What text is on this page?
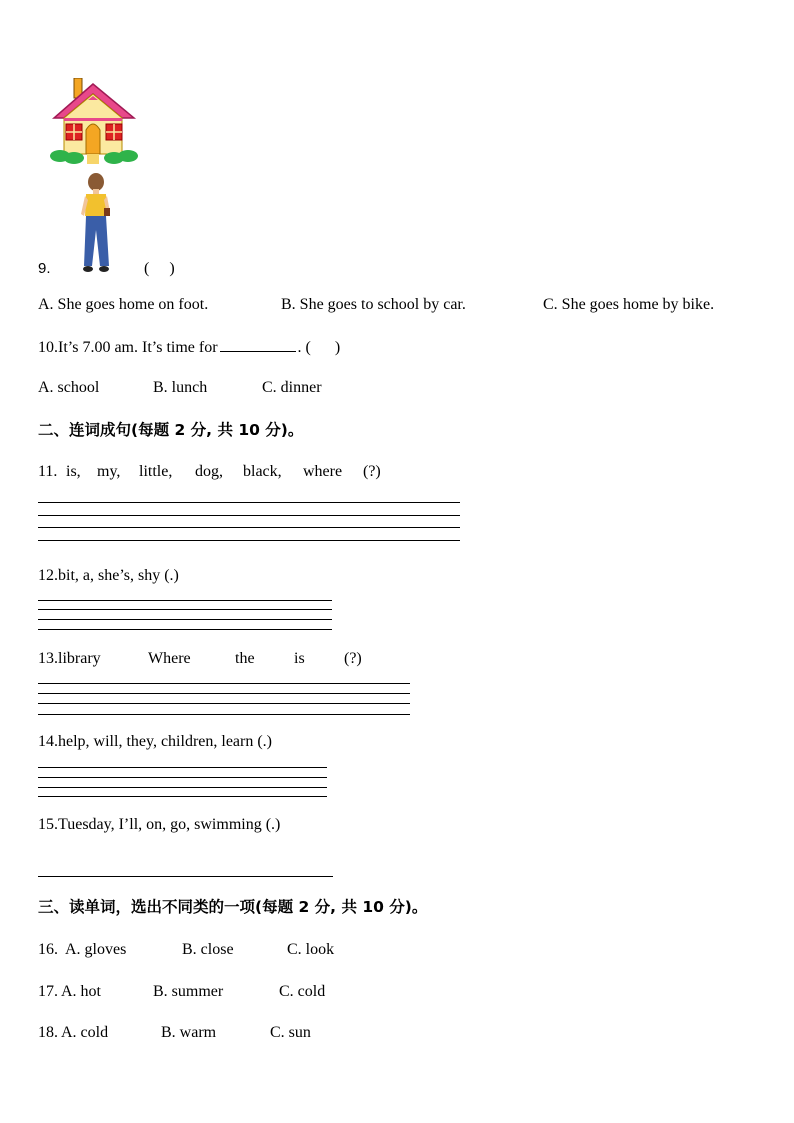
9.	(     )
A. She goes home on foot.	B. She goes to school by car.	C. She goes home by bike.
10.It’s 7.00 am. It’s time for	. (      )
A. school	B. lunch	C. dinner
二、连词成句(每题 2 分, 共 10 分)。
11. is, my, little, dog, black, where (?)
12.bit, a, she’s, shy (.)
13.library	Where	the is (?)
14.help, will, they, children, learn (.)
15.Tuesday, I’ll, on, go, swimming (.)
三、读单词，选出不同类的一项(每题 2 分, 共 10 分)。
16. A. gloves	B. close	C. look
17. A. hot	B. summer	C. cold
18. A. cold	B. warm	C. sun
